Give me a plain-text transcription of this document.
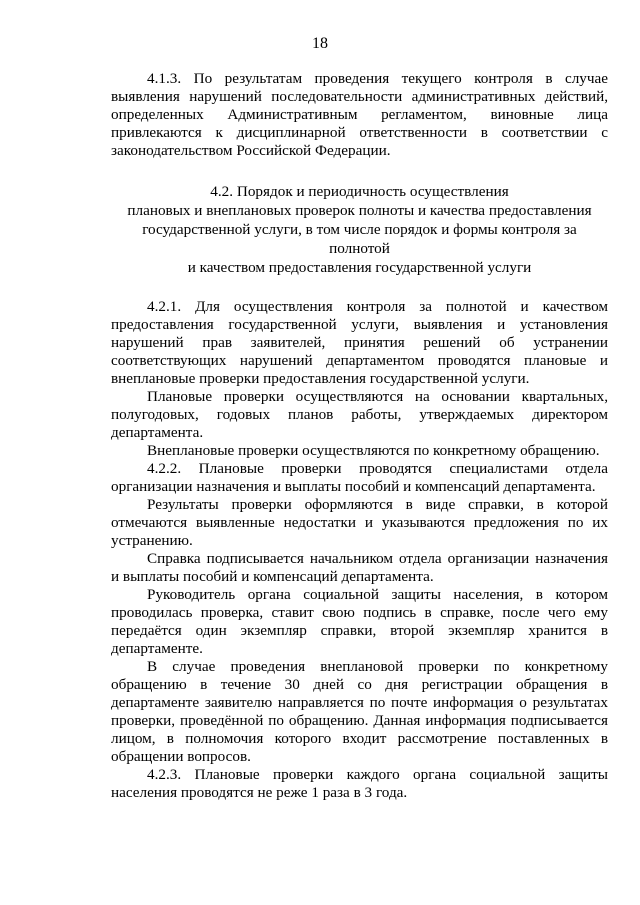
18

4.1.3. По результатам проведения текущего контроля в случае выявления нарушений последовательности административных действий, определенных Административным регламентом, виновные лица привлекаются к дисциплинарной ответственности в соответствии с законодательством Российской Федерации.

4.2. Порядок и периодичность осуществления
плановых и внеплановых проверок полноты и качества предоставления
государственной услуги, в том числе порядок и формы контроля за полнотой
и качеством предоставления государственной услуги

4.2.1. Для осуществления контроля за полнотой и качеством предоставления государственной услуги, выявления и установления нарушений прав заявителей, принятия решений об устранении соответствующих нарушений департаментом проводятся плановые и внеплановые проверки предоставления государственной услуги.

Плановые проверки осуществляются на основании квартальных, полугодовых, годовых планов работы, утверждаемых директором департамента.

Внеплановые проверки осуществляются по конкретному обращению.

4.2.2. Плановые проверки проводятся специалистами отдела организации назначения и выплаты пособий и компенсаций департамента.

Результаты проверки оформляются в виде справки, в которой отмечаются выявленные недостатки и указываются предложения по их устранению.

Справка подписывается начальником отдела организации назначения и выплаты пособий и компенсаций департамента.

Руководитель органа социальной защиты населения, в котором проводилась проверка, ставит свою подпись в справке, после чего ему передаётся один экземпляр справки, второй экземпляр хранится в департаменте.

В случае проведения внеплановой проверки по конкретному обращению в течение 30 дней со дня регистрации обращения в департаменте заявителю направляется по почте информация о результатах проверки, проведённой по обращению. Данная информация подписывается лицом, в полномочия которого входит рассмотрение поставленных в обращении вопросов.

4.2.3. Плановые проверки каждого органа социальной защиты населения проводятся не реже 1 раза в 3 года.
